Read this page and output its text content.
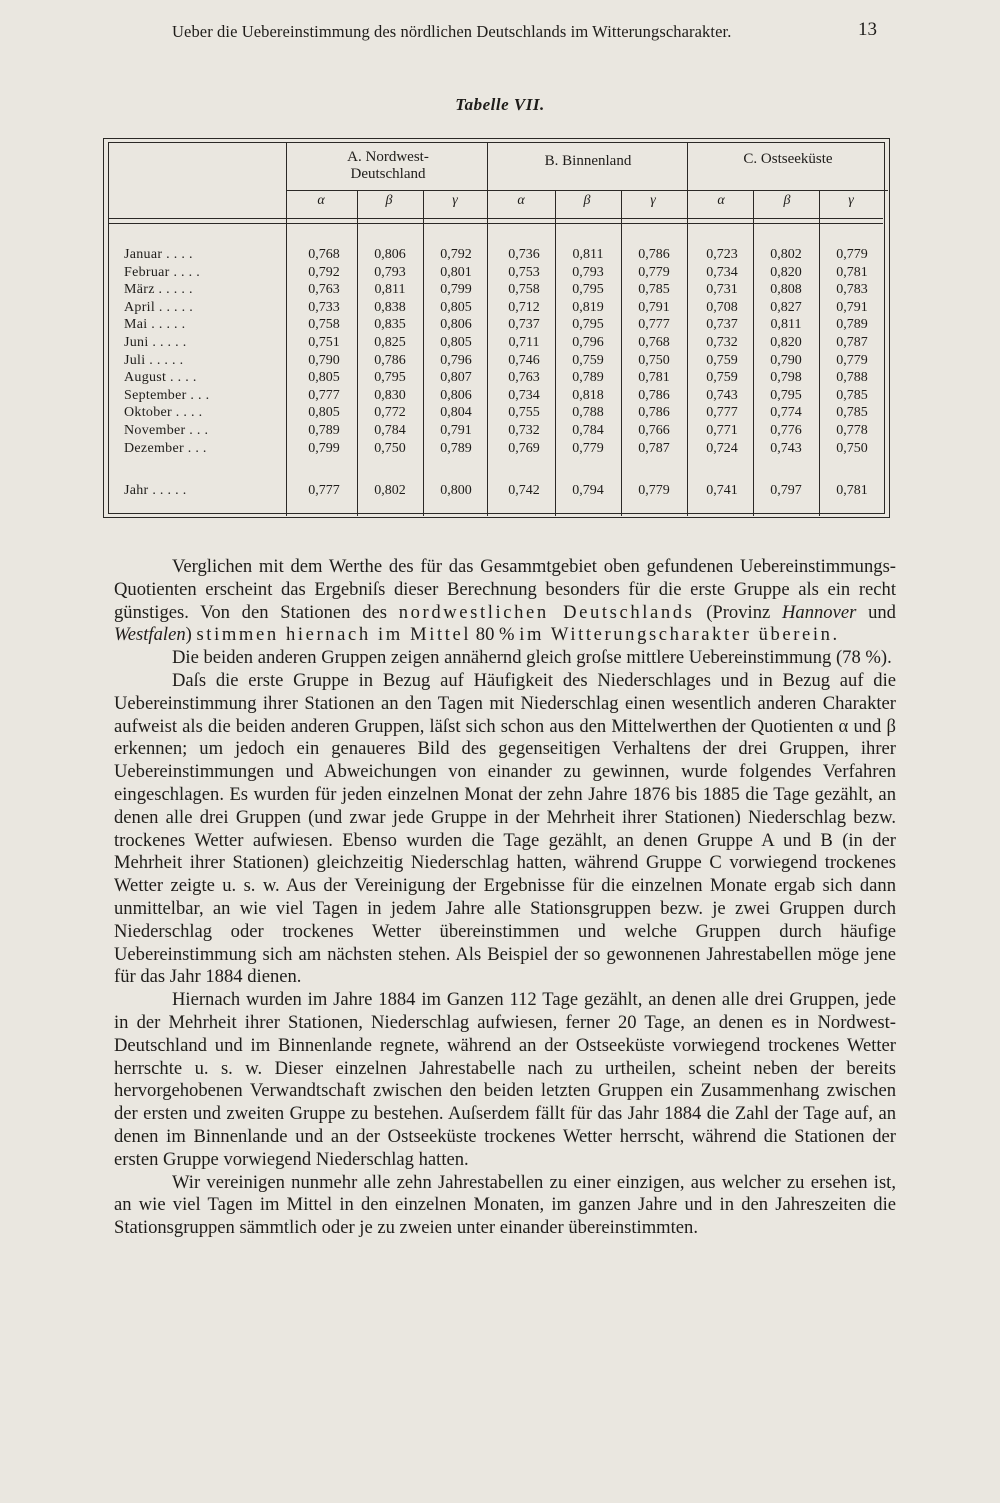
Ueber die Uebereinstimmung des nördlichen Deutschlands im Witterungscharakter.	13
Tabelle VII.
A. Nordwest-
Deutschland
B. Binnenland	C. Ostseeküste
α	β	γ	α	β	γ	α	β	γ
Januar . . . .	0,768	0,806	0,792	0,736	0,811	0,786	0,723	0,802	0,779
Februar . . . .	0,792	0,793	0,801	0,753	0,793	0,779	0,734	0,820	0,781
März . . . . .	0,763	0,811	0,799	0,758	0,795	0,785	0,731	0,808	0,783
April . . . . .	0,733	0,838	0,805	0,712	0,819	0,791	0,708	0,827	0,791
Mai . . . . .	0,758	0,835	0,806	0,737	0,795	0,777	0,737	0,811	0,789
Juni . . . . .	0,751	0,825	0,805	0,711	0,796	0,768	0,732	0,820	0,787
Juli . . . . .	0,790	0,786	0,796	0,746	0,759	0,750	0,759	0,790	0,779
August . . . .	0,805	0,795	0,807	0,763	0,789	0,781	0,759	0,798	0,788
September . . .	0,777	0,830	0,806	0,734	0,818	0,786	0,743	0,795	0,785
Oktober . . . .	0,805	0,772	0,804	0,755	0,788	0,786	0,777	0,774	0,785
November . . .	0,789	0,784	0,791	0,732	0,784	0,766	0,771	0,776	0,778
Dezember . . .	0,799	0,750	0,789	0,769	0,779	0,787	0,724	0,743	0,750
Jahr . . . . .	0,777	0,802	0,800	0,742	0,794	0,779	0,741	0,797	0,781

Verglichen mit dem Werthe des für das Gesammtgebiet oben gefundenen Uebereinstimmungs-Quotienten erscheint das Ergebniſs dieser Berechnung besonders für die erste Gruppe als ein recht günstiges. Von den Stationen des nordwestlichen Deutschlands (Provinz Hannover und Westfalen) stimmen hiernach im Mittel 80 % im Witterungscharakter überein.

Die beiden anderen Gruppen zeigen annähernd gleich groſse mittlere Uebereinstimmung (78 %).

Daſs die erste Gruppe in Bezug auf Häufigkeit des Niederschlages und in Bezug auf die Uebereinstimmung ihrer Stationen an den Tagen mit Niederschlag einen wesentlich anderen Charakter aufweist als die beiden anderen Gruppen, läſst sich schon aus den Mittelwerthen der Quotienten α und β erkennen; um jedoch ein genaueres Bild des gegenseitigen Verhaltens der drei Gruppen, ihrer Uebereinstimmungen und Abweichungen von einander zu gewinnen, wurde folgendes Verfahren eingeschlagen. Es wurden für jeden einzelnen Monat der zehn Jahre 1876 bis 1885 die Tage gezählt, an denen alle drei Gruppen (und zwar jede Gruppe in der Mehrheit ihrer Stationen) Niederschlag bezw. trockenes Wetter aufwiesen. Ebenso wurden die Tage gezählt, an denen Gruppe A und B (in der Mehrheit ihrer Stationen) gleichzeitig Niederschlag hatten, während Gruppe C vorwiegend trockenes Wetter zeigte u. s. w. Aus der Vereinigung der Ergebnisse für die einzelnen Monate ergab sich dann unmittelbar, an wie viel Tagen in jedem Jahre alle Stationsgruppen bezw. je zwei Gruppen durch Niederschlag oder trockenes Wetter übereinstimmen und welche Gruppen durch häufige Uebereinstimmung sich am nächsten stehen. Als Beispiel der so gewonnenen Jahrestabellen möge jene für das Jahr 1884 dienen.

Hiernach wurden im Jahre 1884 im Ganzen 112 Tage gezählt, an denen alle drei Gruppen, jede in der Mehrheit ihrer Stationen, Niederschlag aufwiesen, ferner 20 Tage, an denen es in Nordwest-Deutschland und im Binnenlande regnete, während an der Ostseeküste vorwiegend trockenes Wetter herrschte u. s. w. Dieser einzelnen Jahrestabelle nach zu urtheilen, scheint neben der bereits hervorgehobenen Verwandtschaft zwischen den beiden letzten Gruppen ein Zusammenhang zwischen der ersten und zweiten Gruppe zu bestehen. Auſserdem fällt für das Jahr 1884 die Zahl der Tage auf, an denen im Binnenlande und an der Ostseeküste trockenes Wetter herrscht, während die Stationen der ersten Gruppe vorwiegend Niederschlag hatten.

Wir vereinigen nunmehr alle zehn Jahrestabellen zu einer einzigen, aus welcher zu ersehen ist, an wie viel Tagen im Mittel in den einzelnen Monaten, im ganzen Jahre und in den Jahreszeiten die Stationsgruppen sämmtlich oder je zu zweien unter einander übereinstimmten.
